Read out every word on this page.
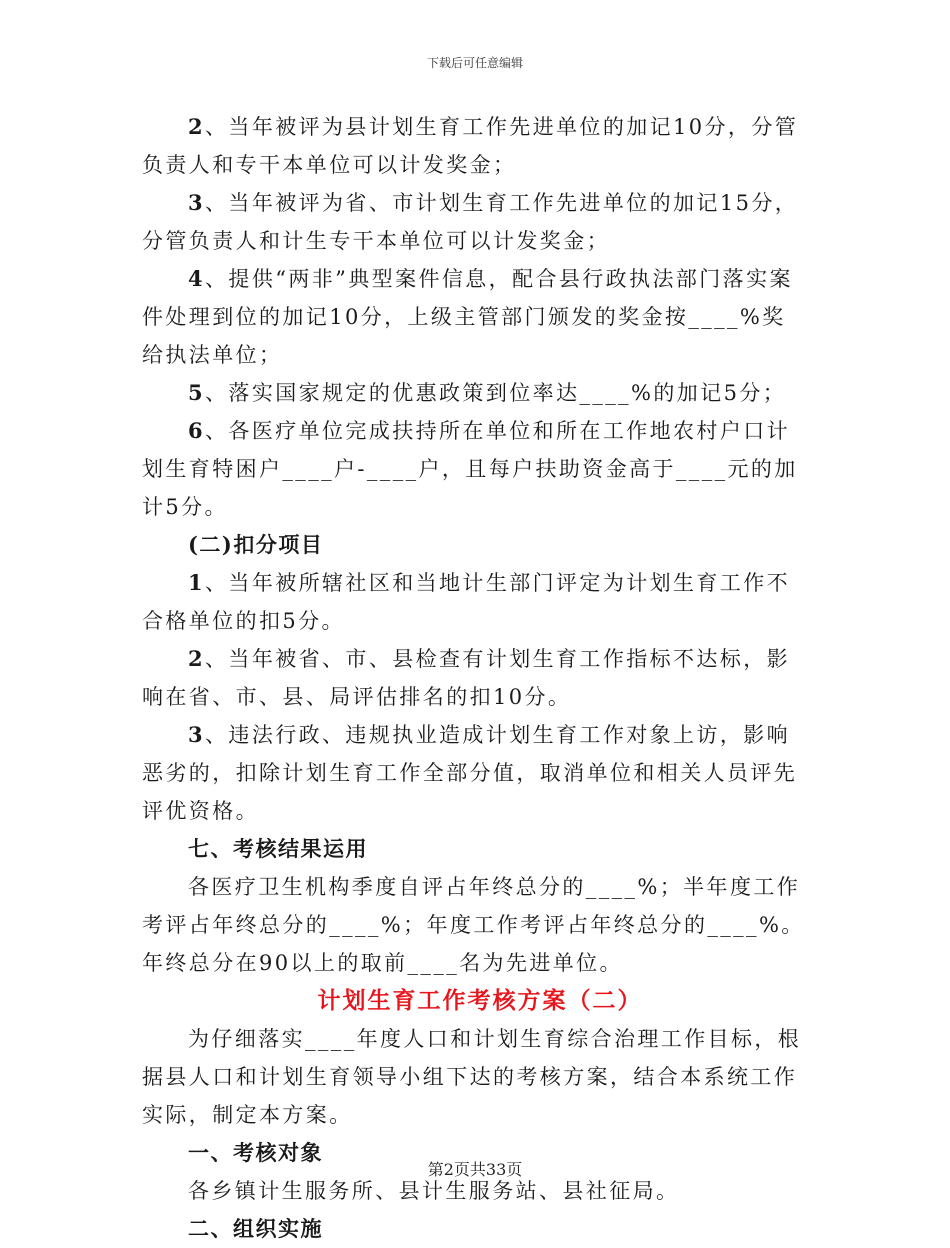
下载后可任意编辑

2、当年被评为县计划生育工作先进单位的加记10分，分管负责人和专干本单位可以计发奖金；

3、当年被评为省、市计划生育工作先进单位的加记15分，分管负责人和计生专干本单位可以计发奖金；

4、提供“两非”典型案件信息，配合县行政执法部门落实案件处理到位的加记10分，上级主管部门颁发的奖金按____%奖给执法单位；

5、落实国家规定的优惠政策到位率达____%的加记5分；

6、各医疗单位完成扶持所在单位和所在工作地农村户口计划生育特困户____户-____户，且每户扶助资金高于____元的加计5分。

(二)扣分项目

1、当年被所辖社区和当地计生部门评定为计划生育工作不合格单位的扣5分。

2、当年被省、市、县检查有计划生育工作指标不达标，影响在省、市、县、局评估排名的扣10分。

3、违法行政、违规执业造成计划生育工作对象上访，影响恶劣的，扣除计划生育工作全部分值，取消单位和相关人员评先评优资格。

七、考核结果运用

各医疗卫生机构季度自评占年终总分的____%；半年度工作考评占年终总分的____%；年度工作考评占年终总分的____%。年终总分在90以上的取前____名为先进单位。

计划生育工作考核方案（二）

为仔细落实____年度人口和计划生育综合治理工作目标，根据县人口和计划生育领导小组下达的考核方案，结合本系统工作实际，制定本方案。

一、考核对象

各乡镇计生服务所、县计生服务站、县社征局。

二、组织实施

第2页共33页
